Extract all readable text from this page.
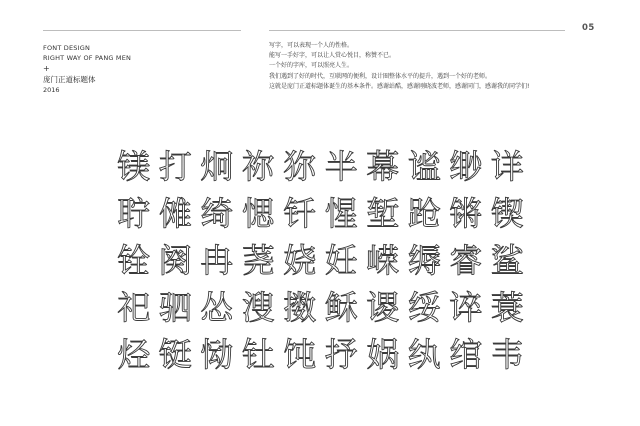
05
FONT DESIGN
RIGHT WAY OF PANG MEN
+
庞门正道标题体
2016
写字，可以表现一个人的性格。
能写一手好字，可以让人赏心悦目，称赞不已。
一个好的字库，可以照亮人生。
我们遇到了好的时代，互联网的便利，设计圈整体水平的提升，遇到一个好的老师。
这就是庞门正道标题体诞生的基本条件。感谢站酷，感谢刚晓波老师，感谢同门，感谢我的同学们!
镁 打 炯 祢 狝 半 幕 谧 缈 详
聍 傩 绮 愢 钎 惺 堑 跄 锵 锲
铨 阕 冉 荛 娆 妊 嵘 缛 睿 鲨
祀 驷 怂 溲 擞 稣 谡 绥 谇 蓑
烃 铤 恸 钍 饨 抒 娲 纨 绾 韦
